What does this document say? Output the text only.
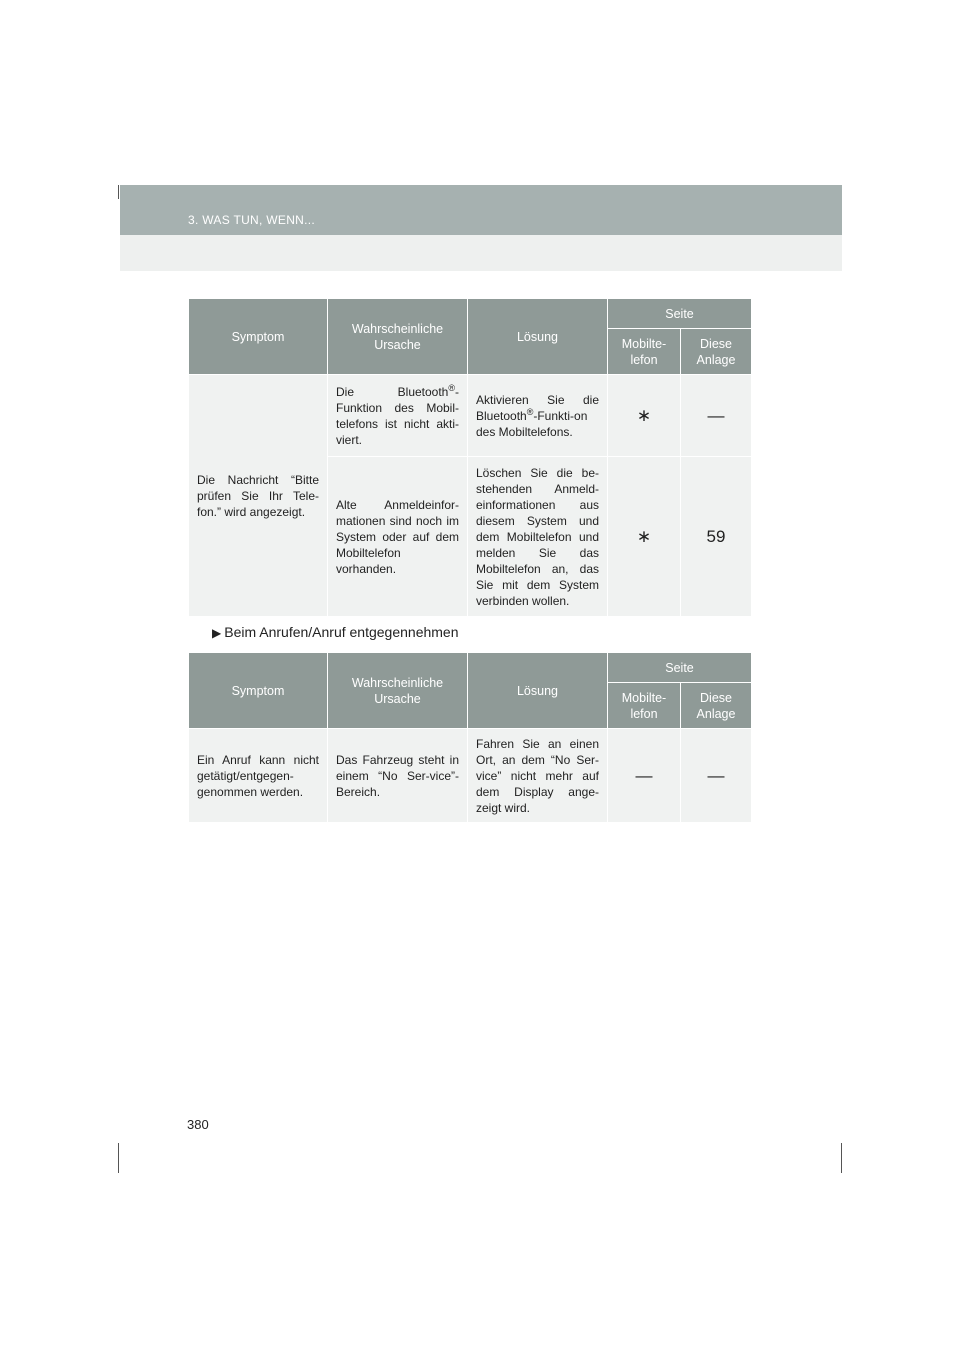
3. WAS TUN, WENN...
Symptom	Wahrscheinliche Ursache	Lösung	Seite	
			Mobilte-lefon	Diese Anlage
Die Nachricht “Bitte prüfen Sie Ihr Tele-fon.” wird angezeigt.	Die Bluetooth®-Funktion des Mobil-telefons ist nicht akti-viert.	Aktivieren Sie die Bluetooth®-Funkti-on des Mobiltelefons.	∗	—
	Alte Anmeldeinfor-mationen sind noch im System oder auf dem Mobiltelefon vorhanden.	Löschen Sie die be-stehenden Anmeld-einformationen aus diesem System und dem Mobiltelefon und melden Sie das Mobiltelefon an, das Sie mit dem System verbinden wollen.	∗	59
▶ Beim Anrufen/Anruf entgegennehmen
Symptom	Wahrscheinliche Ursache	Lösung	Seite	
			Mobilte-lefon	Diese Anlage
Ein Anruf kann nicht getätigt/entgegen-genommen werden.	Das Fahrzeug steht in einem “No Ser-vice”-Bereich.	Fahren Sie an einen Ort, an dem “No Ser-vice” nicht mehr auf dem Display ange-zeigt wird.	—	—
380
